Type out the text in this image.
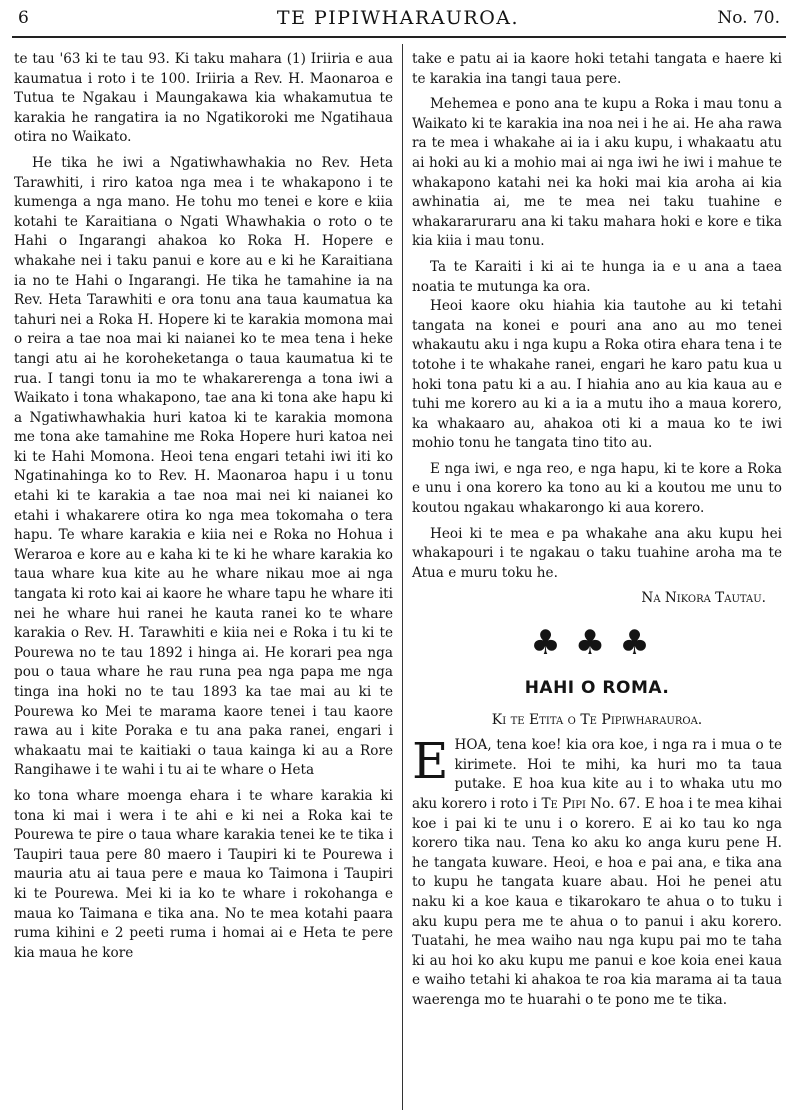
6	TE PIPIWHARAUROA.	No. 70.

te tau '63 ki te tau 93. Ki taku mahara (1) Iriiria e aua kaumatua i roto i te 100. Iriiria a Rev. H. Maonaroa e Tutua te Ngakau i Maungakawa kia whakamutua te karakia he rangatira ia no Ngatikoroki me Ngatihaua otira no Waikato.

He tika he iwi a Ngatiwhawhakia no Rev. Heta Tarawhiti, i riro katoa nga mea i te whakapono i te kumenga a nga mano. He tohu mo tenei e kore e kiia kotahi te Karaitiana o Ngati Whawhakia o roto o te Hahi o Ingarangi ahakoa ko Roka H. Hopere e whakahe nei i taku panui e kore au e ki he Karaitiana ia no te Hahi o Ingarangi. He tika he tamahine ia na Rev. Heta Tarawhiti e ora tonu ana taua kaumatua ka tahuri nei a Roka H. Hopere ki te karakia momona mai o reira a tae noa mai ki naianei ko te mea tena i heke tangi atu ai he koroheketanga o taua kaumatua ki te rua. I tangi tonu ia mo te whakarerenga a tona iwi a Waikato i tona whakapono, tae ana ki tona ake hapu ki a Ngatiwhawhakia huri katoa ki te karakia momona me tona ake tamahine me Roka Hopere huri katoa nei ki te Hahi Momona. Heoi tena engari tetahi iwi iti ko Ngatinahinga ko to Rev. H. Maonaroa hapu i u tonu etahi ki te karakia a tae noa mai nei ki naianei ko etahi i whakarere otira ko nga mea tokomaha o tera hapu. Te whare karakia e kiia nei e Roka no Hohua i Weraroa e kore au e kaha ki te ki he whare karakia ko taua whare kua kite au he whare nikau moe ai nga tangata ki roto kai ai kaore he whare tapu he whare iti nei he whare hui ranei he kauta ranei ko te whare karakia o Rev. H. Tarawhiti e kiia nei e Roka i tu ki te Pourewa no te tau 1892 i hinga ai. He korari pea nga pou o taua whare he rau runa pea nga papa me nga tinga ina hoki no te tau 1893 ka tae mai au ki te Pourewa ko Mei te marama kaore tenei i tau kaore rawa au i kite Poraka e tu ana paka ranei, engari i whakaatu mai te kaitiaki o taua kainga ki au a Rore Rangihawe i te wahi i tu ai te whare o Heta

ko tona whare moenga ehara i te whare karakia ki tona ki mai i wera i te ahi e ki nei a Roka kai te Pourewa te pire o taua whare karakia tenei ke te tika i Taupiri taua pere 80 maero i Taupiri ki te Pourewa i mauria atu ai taua pere e maua ko Taimona i Taupiri ki te Pourewa. Mei ki ia ko te whare i rokohanga e maua ko Taimana e tika ana. No te mea kotahi paara ruma kihini e 2 peeti ruma i homai ai e Heta te pere kia maua he kore

take e patu ai ia kaore hoki tetahi tangata e haere ki te karakia ina tangi taua pere.

Mehemea e pono ana te kupu a Roka i mau tonu a Waikato ki te karakia ina noa nei i he ai. He aha rawa ra te mea i whakahe ai ia i aku kupu, i whakaatu atu ai hoki au ki a mohio mai ai nga iwi he iwi i mahue te whakapono katahi nei ka hoki mai kia aroha ai kia awhinatia ai, me te mea nei taku tuahine e whakararuraru ana ki taku mahara hoki e kore e tika kia kiia i mau tonu.

Ta te Karaiti i ki ai te hunga ia e u ana a taea noatia te mutunga ka ora.

Heoi kaore oku hiahia kia tautohe au ki tetahi tangata na konei e pouri ana ano au mo tenei whakautu aku i nga kupu a Roka otira ehara tena i te totohe i te whakahe ranei, engari he karo patu kua u hoki tona patu ki a au. I hiahia ano au kia kaua au e tuhi me korero au ki a ia a mutu iho a maua korero, ka whakaaro au, ahakoa oti ki a maua ko te iwi mohio tonu he tangata tino tito au.

E nga iwi, e nga reo, e nga hapu, ki te kore a Roka e unu i ona korero ka tono au ki a koutou me unu to koutou ngakau whakarongo ki aua korero.

Heoi ki te mea e pa whakahe ana aku kupu hei whakapouri i te ngakau o taku tuahine aroha ma te Atua e muru toku he.

Na Nikora Tautau.
♣♣♣
HAHI O ROMA.
Ki te Etita o Te Pipiwharauroa.

EHOA, tena koe! kia ora koe, i nga ra i mua o te kirimete. Hoi te mihi, ka huri mo ta taua putake. E hoa kua kite au i to whaka utu mo aku korero i roto i Te Pipi No. 67. E hoa i te mea kihai koe i pai ki te unu i o korero. E ai ko tau ko nga korero tika nau. Tena ko aku ko anga kuru pene H. he tangata kuware. Heoi, e hoa e pai ana, e tika ana to kupu he tangata kuare abau. Hoi he penei atu naku ki a koe kaua e tikarokaro te ahua o to tuku i aku kupu pera me te ahua o to panui i aku korero. Tuatahi, he mea waiho nau nga kupu pai mo te taha ki au hoi ko aku kupu me panui e koe koia enei kaua e waiho tetahi ki ahakoa te roa kia marama ai ta taua waerenga mo te huarahi o te pono me te tika.
